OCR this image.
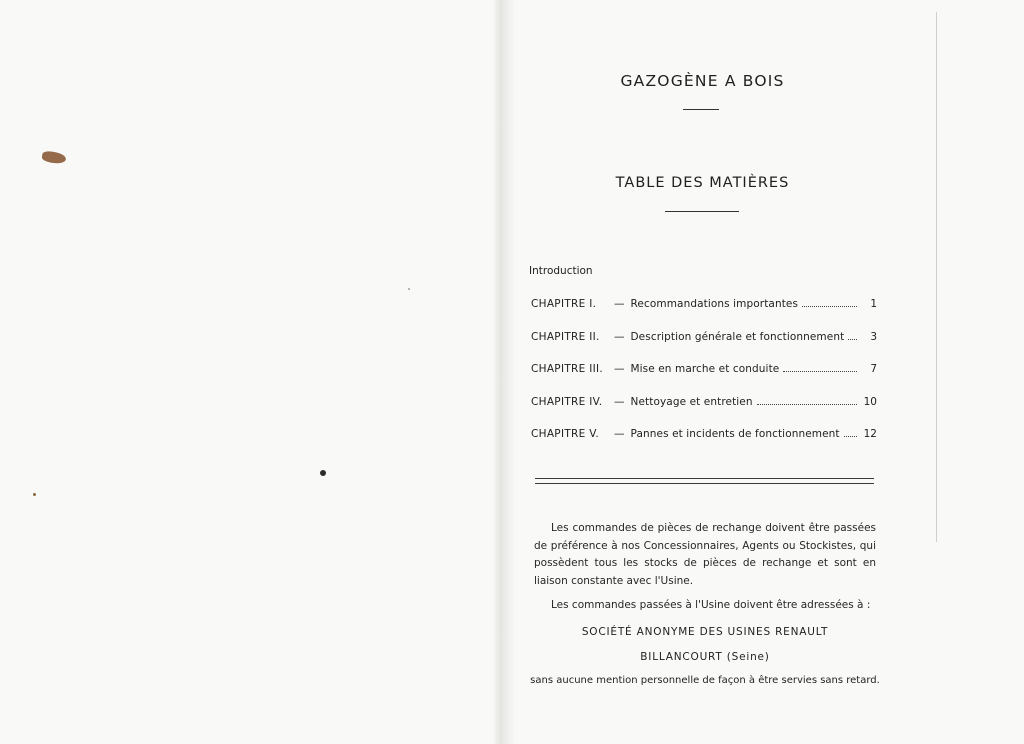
GAZOGÈNE A BOIS
TABLE DES MATIÈRES
Introduction
CHAPITRE I.	— Recommandations importantes	1
CHAPITRE II.	— Description générale et fonctionnement	3
CHAPITRE III.	— Mise en marche et conduite	7
CHAPITRE IV.	— Nettoyage et entretien	10
CHAPITRE V.	— Pannes et incidents de fonctionnement 12

Les commandes de pièces de rechange doivent être passées de préférence à nos Concessionnaires, Agents ou Stockistes, qui possèdent tous les stocks de pièces de rechange et sont en liaison constante avec l'Usine.

Les commandes passées à l'Usine doivent être adressées à :

SOCIÉTÉ ANONYME DES USINES RENAULT
BILLANCOURT (Seine)
sans aucune mention personnelle de façon à être servies sans retard.
